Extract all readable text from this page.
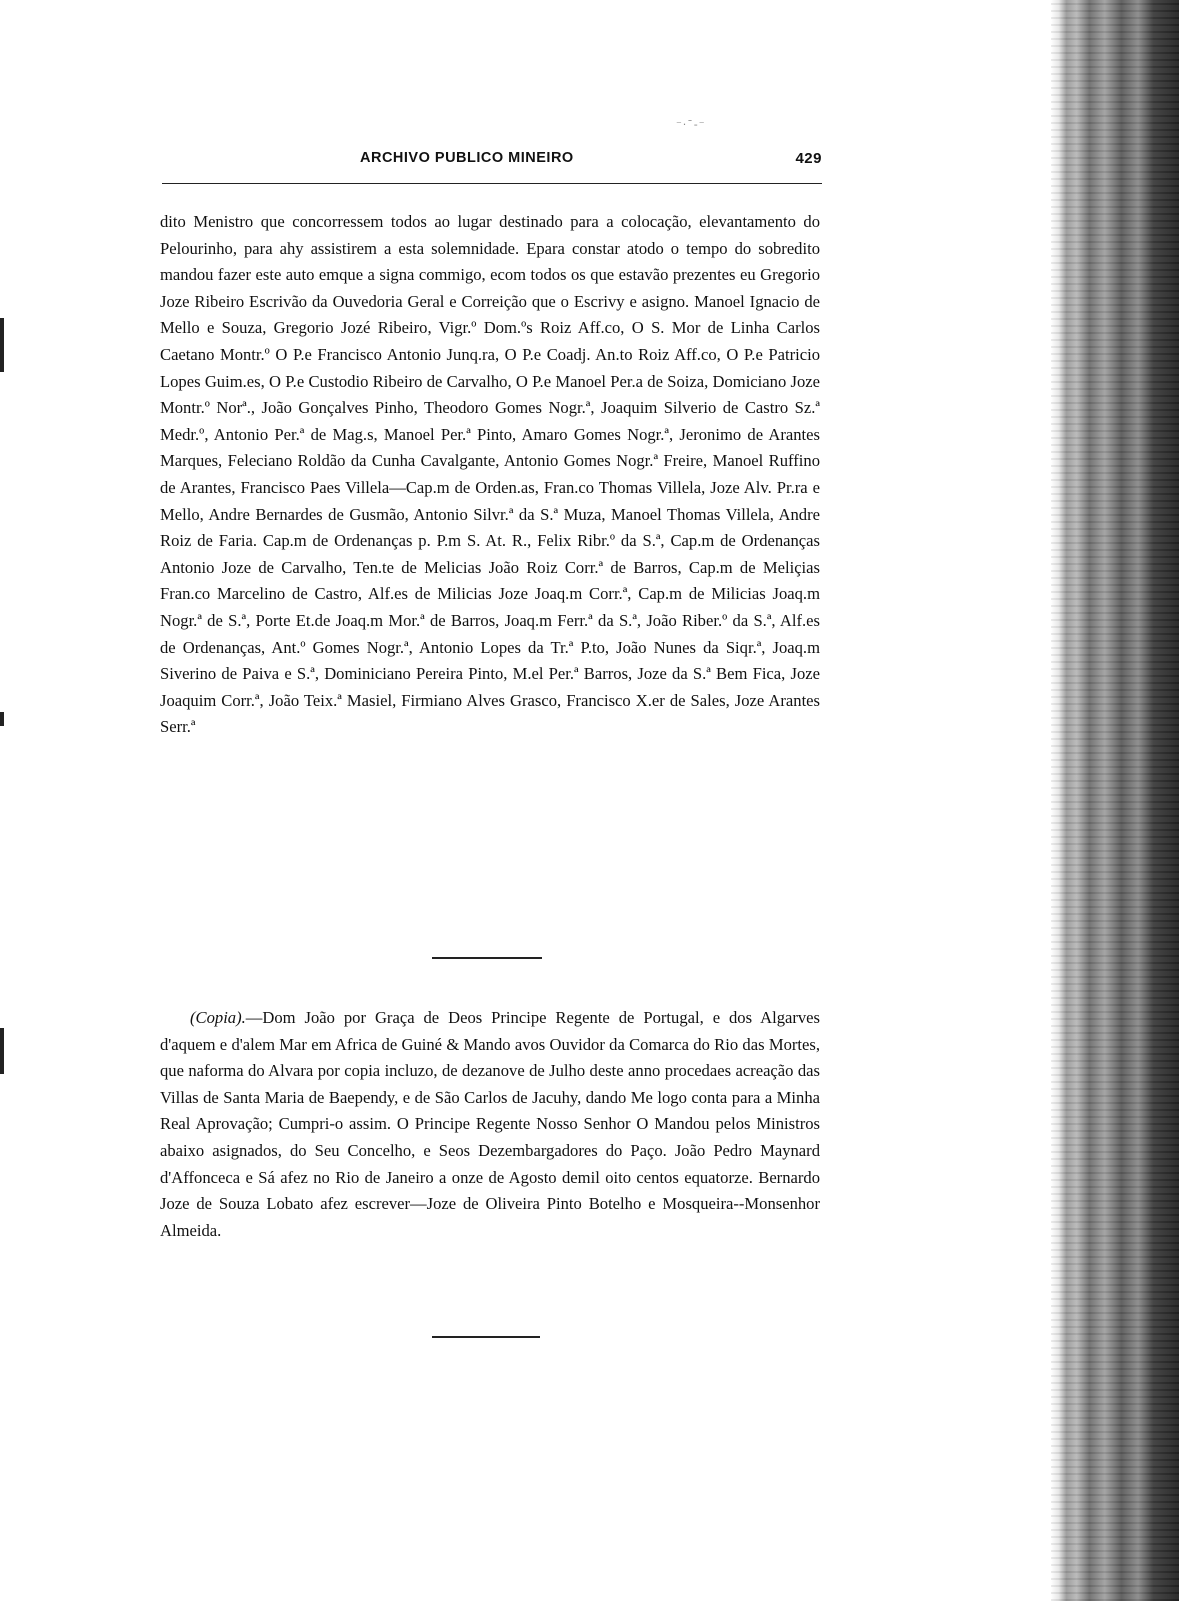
⁻·ˉ‐⁻
ARCHIVO PUBLICO MINEIRO	429

dito Menistro que concorressem todos ao lugar destinado para a colocação, elevantamento do Pelourinho, para ahy assistirem a esta solemnidade. Epara constar atodo o tempo do sobredito mandou fazer este auto emque a signa commigo, ecom todos os que estavão prezentes eu Gregorio Joze Ribeiro Escrivão da Ouvedoria Geral e Correição que o Escrivy e asigno. Manoel Ignacio de Mello e Souza, Gregorio Jozé Ribeiro, Vigr.º Dom.ºs Roiz Aff.co, O S. Mor de Linha Carlos Caetano Montr.º O P.e Francisco Antonio Junq.ra, O P.e Coadj. An.to Roiz Aff.co, O P.e Patricio Lopes Guim.es, O P.e Custodio Ribeiro de Carvalho, O P.e Manoel Per.a de Soiza, Domiciano Joze Montr.º Norª., João Gonçalves Pinho, Theodoro Gomes Nogr.ª, Joaquim Silverio de Castro Sz.ª Medr.º, Antonio Per.ª de Mag.s, Manoel Per.ª Pinto, Amaro Gomes Nogr.ª, Jeronimo de Arantes Marques, Feleciano Roldão da Cunha Cavalgante, Antonio Gomes Nogr.ª Freire, Manoel Ruffino de Arantes, Francisco Paes Villela—Cap.m de Orden.as, Fran.co Thomas Villela, Joze Alv. Pr.ra e Mello, Andre Bernardes de Gusmão, Antonio Silvr.ª da S.ª Muza, Manoel Thomas Villela, Andre Roiz de Faria. Cap.m de Ordenanças p. P.m S. At. R., Felix Ribr.º da S.ª, Cap.m de Ordenanças Antonio Joze de Carvalho, Ten.te de Melicias João Roiz Corr.ª de Barros, Cap.m de Meliçias Fran.co Marcelino de Castro, Alf.es de Milicias Joze Joaq.m Corr.ª, Cap.m de Milicias Joaq.m Nogr.ª de S.ª, Porte Et.de Joaq.m Mor.ª de Barros, Joaq.m Ferr.ª da S.ª, João Riber.º da S.ª, Alf.es de Ordenanças, Ant.º Gomes Nogr.ª, Antonio Lopes da Tr.ª P.to, João Nunes da Siqr.ª, Joaq.m Siverino de Paiva e S.ª, Dominiciano Pereira Pinto, M.el Per.ª Barros, Joze da S.ª Bem Fica, Joze Joaquim Corr.ª, João Teix.ª Masiel, Firmiano Alves Grasco, Francisco X.er de Sales, Joze Arantes Serr.ª

(Copia).—Dom João por Graça de Deos Principe Regente de Portugal, e dos Algarves d'aquem e d'alem Mar em Africa de Guiné & Mando avos Ouvidor da Comarca do Rio das Mortes, que naforma do Alvara por copia incluzo, de dezanove de Julho deste anno procedaes acreação das Villas de Santa Maria de Baependy, e de São Carlos de Jacuhy, dando Me logo conta para a Minha Real Aprovação; Cumpri-o assim. O Principe Regente Nosso Senhor O Mandou pelos Ministros abaixo asignados, do Seu Concelho, e Seos Dezembargadores do Paço. João Pedro Maynard d'Affonceca e Sá afez no Rio de Janeiro a onze de Agosto demil oito centos equatorze. Bernardo Joze de Souza Lobato afez escrever—Joze de Oliveira Pinto Botelho e Mosqueira--Monsenhor Almeida.
